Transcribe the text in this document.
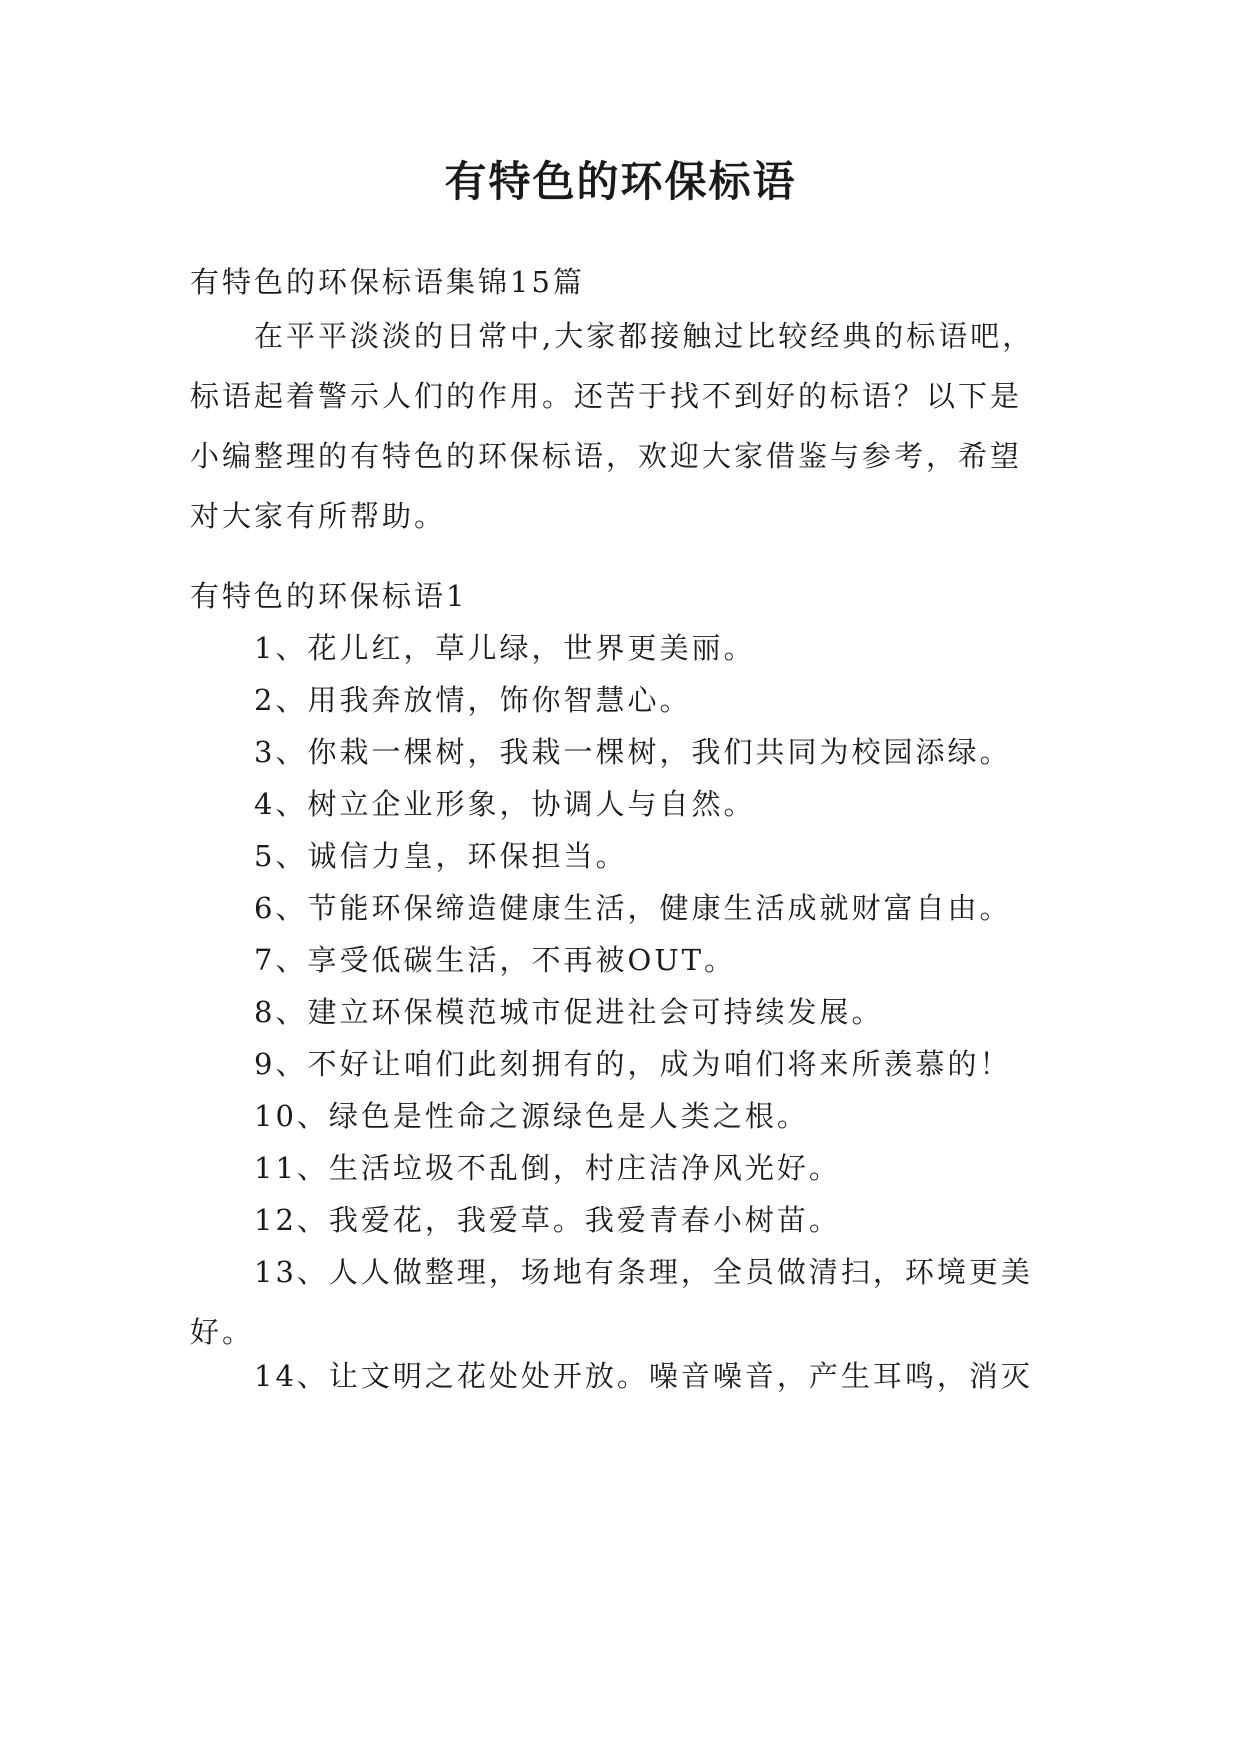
有特色的环保标语

有特色的环保标语集锦15篇

在平平淡淡的日常中,大家都接触过比较经典的标语吧，标语起着警示人们的作用。还苦于找不到好的标语？以下是小编整理的有特色的环保标语，欢迎大家借鉴与参考，希望对大家有所帮助。

有特色的环保标语1

1、花儿红，草儿绿，世界更美丽。

2、用我奔放情，饰你智慧心。

3、你栽一棵树，我栽一棵树，我们共同为校园添绿。

4、树立企业形象，协调人与自然。

5、诚信力皇，环保担当。

6、节能环保缔造健康生活，健康生活成就财富自由。

7、享受低碳生活，不再被OUT。

8、建立环保模范城市促进社会可持续发展。

9、不好让咱们此刻拥有的，成为咱们将来所羡慕的！

10、绿色是性命之源绿色是人类之根。

11、生活垃圾不乱倒，村庄洁净风光好。

12、我爱花，我爱草。我爱青春小树苗。

13、人人做整理，场地有条理，全员做清扫，环境更美好。

14、让文明之花处处开放。噪音噪音，产生耳鸣，消灭
